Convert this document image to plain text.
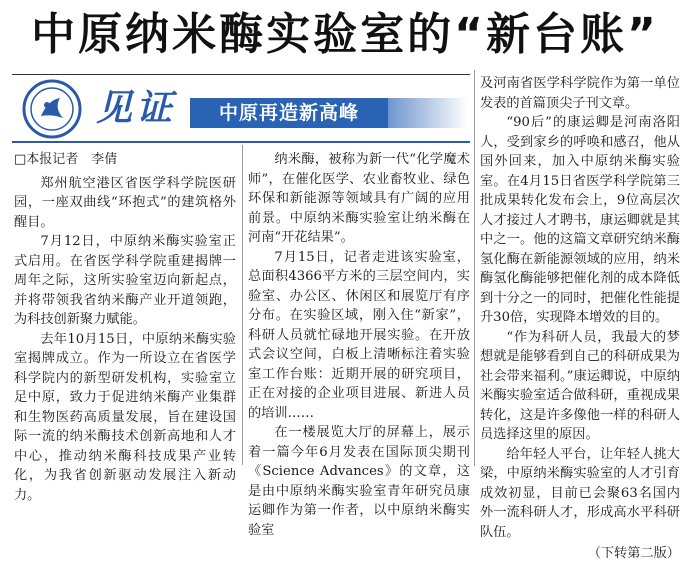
中原纳米酶实验室的“新台账”
见证	中原再造新高峰

□本报记者　李倩

郑州航空港区省医学科学院医研园，一座双曲线“环抱式”的建筑格外醒目。

7月12日，中原纳米酶实验室正式启用。在省医学科学院重建揭牌一周年之际，这所实验室迈向新起点，并将带领我省纳米酶产业开道领跑，为科技创新聚力赋能。

去年10月15日，中原纳米酶实验室揭牌成立。作为一所设立在省医学科学院内的新型研发机构，实验室立足中原，致力于促进纳米酶产业集群和生物医药高质量发展，旨在建设国际一流的纳米酶技术创新高地和人才中心，推动纳米酶科技成果产业转化，为我省创新驱动发展注入新动力。

纳米酶，被称为新一代“化学魔术师”，在催化医学、农业畜牧业、绿色环保和新能源等领域具有广阔的应用前景。中原纳米酶实验室让纳米酶在河南“开花结果”。

7月15日，记者走进该实验室，总面积4366平方米的三层空间内，实验室、办公区、休闲区和展览厅有序分布。在实验区域，刚入住“新家”，科研人员就忙碌地开展实验。在开放式会议空间，白板上清晰标注着实验室工作台账：近期开展的研究项目，正在对接的企业项目进展、新进人员的培训……

在一楼展览大厅的屏幕上，展示着一篇今年6月发表在国际顶尖期刊《Science Advances》的文章，这是由中原纳米酶实验室青年研究员康运卿作为第一作者，以中原纳米酶实验室

及河南省医学科学院作为第一单位发表的首篇顶尖子刊文章。

“90后”的康运卿是河南洛阳人，受到家乡的呼唤和感召，他从国外回来，加入中原纳米酶实验室。在4月15日省医学科学院第三批成果转化发布会上，9位高层次人才接过人才聘书，康运卿就是其中之一。他的这篇文章研究纳米酶氢化酶在新能源领域的应用，纳米酶氢化酶能够把催化剂的成本降低到十分之一的同时，把催化性能提升30倍，实现降本增效的目的。

“作为科研人员，我最大的梦想就是能够看到自己的科研成果为社会带来福利。”康运卿说，中原纳米酶实验室适合做科研，重视成果转化，这是许多像他一样的科研人员选择这里的原因。

给年轻人平台，让年轻人挑大梁，中原纳米酶实验室的人才引育成效初显，目前已会聚63名国内外一流科研人才，形成高水平科研队伍。

（下转第二版）
